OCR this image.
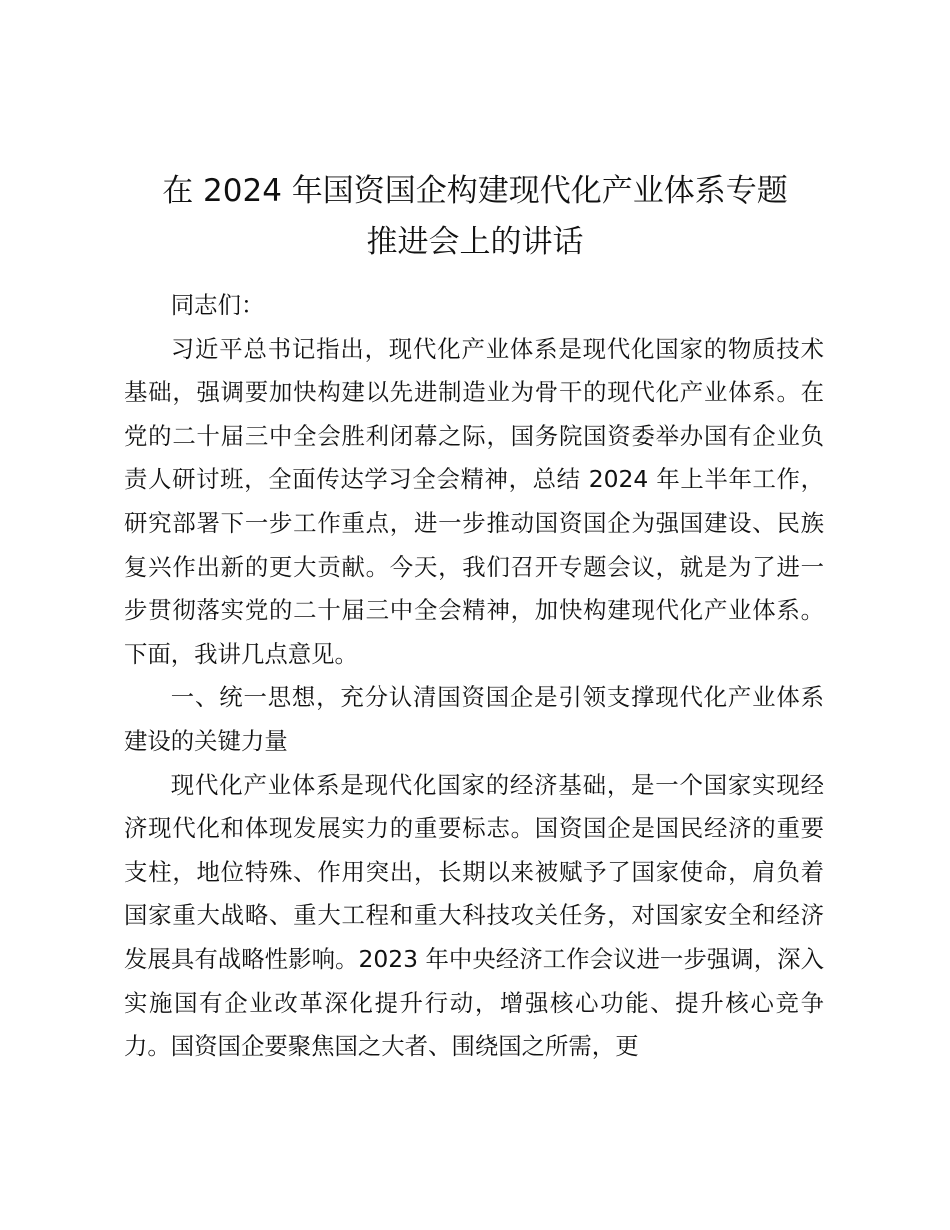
在 2024 年国资国企构建现代化产业体系专题
推进会上的讲话

同志们：

习近平总书记指出，现代化产业体系是现代化国家的物质技术基础，强调要加快构建以先进制造业为骨干的现代化产业体系。在党的二十届三中全会胜利闭幕之际，国务院国资委举办国有企业负责人研讨班，全面传达学习全会精神，总结 2024 年上半年工作，研究部署下一步工作重点，进一步推动国资国企为强国建设、民族复兴作出新的更大贡献。今天，我们召开专题会议，就是为了进一步贯彻落实党的二十届三中全会精神，加快构建现代化产业体系。下面，我讲几点意见。

一、统一思想，充分认清国资国企是引领支撑现代化产业体系建设的关键力量

现代化产业体系是现代化国家的经济基础，是一个国家实现经济现代化和体现发展实力的重要标志。国资国企是国民经济的重要支柱，地位特殊、作用突出，长期以来被赋予了国家使命，肩负着国家重大战略、重大工程和重大科技攻关任务，对国家安全和经济发展具有战略性影响。2023 年中央经济工作会议进一步强调，深入实施国有企业改革深化提升行动，增强核心功能、提升核心竞争力。国资国企要聚焦国之大者、围绕国之所需，更
